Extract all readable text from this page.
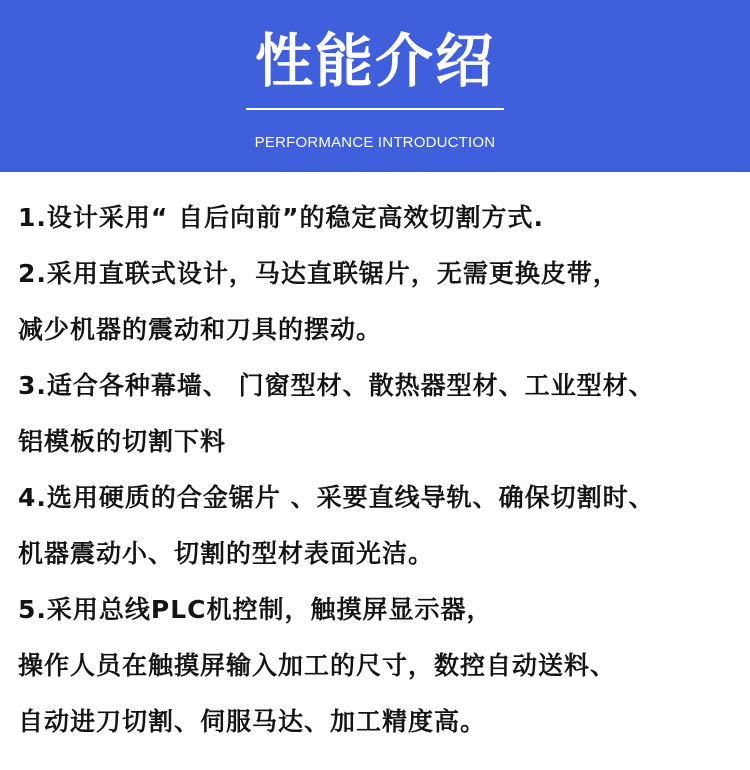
性能介绍
PERFORMANCE INTRODUCTION
1.设计采用“ 自后向前”的稳定高效切割方式.
2.采用直联式设计，马达直联锯片，无需更换皮带，
减少机器的震动和刀具的摆动。
3.适合各种幕墙、 门窗型材、散热器型材、工业型材、
铝模板的切割下料
4.选用硬质的合金锯片 、采要直线导轨、确保切割时、
机器震动小、切割的型材表面光洁。
5.采用总线PLC机控制，触摸屏显示器，
操作人员在触摸屏输入加工的尺寸，数控自动送料、
自动进刀切割、伺服马达、加工精度高。
